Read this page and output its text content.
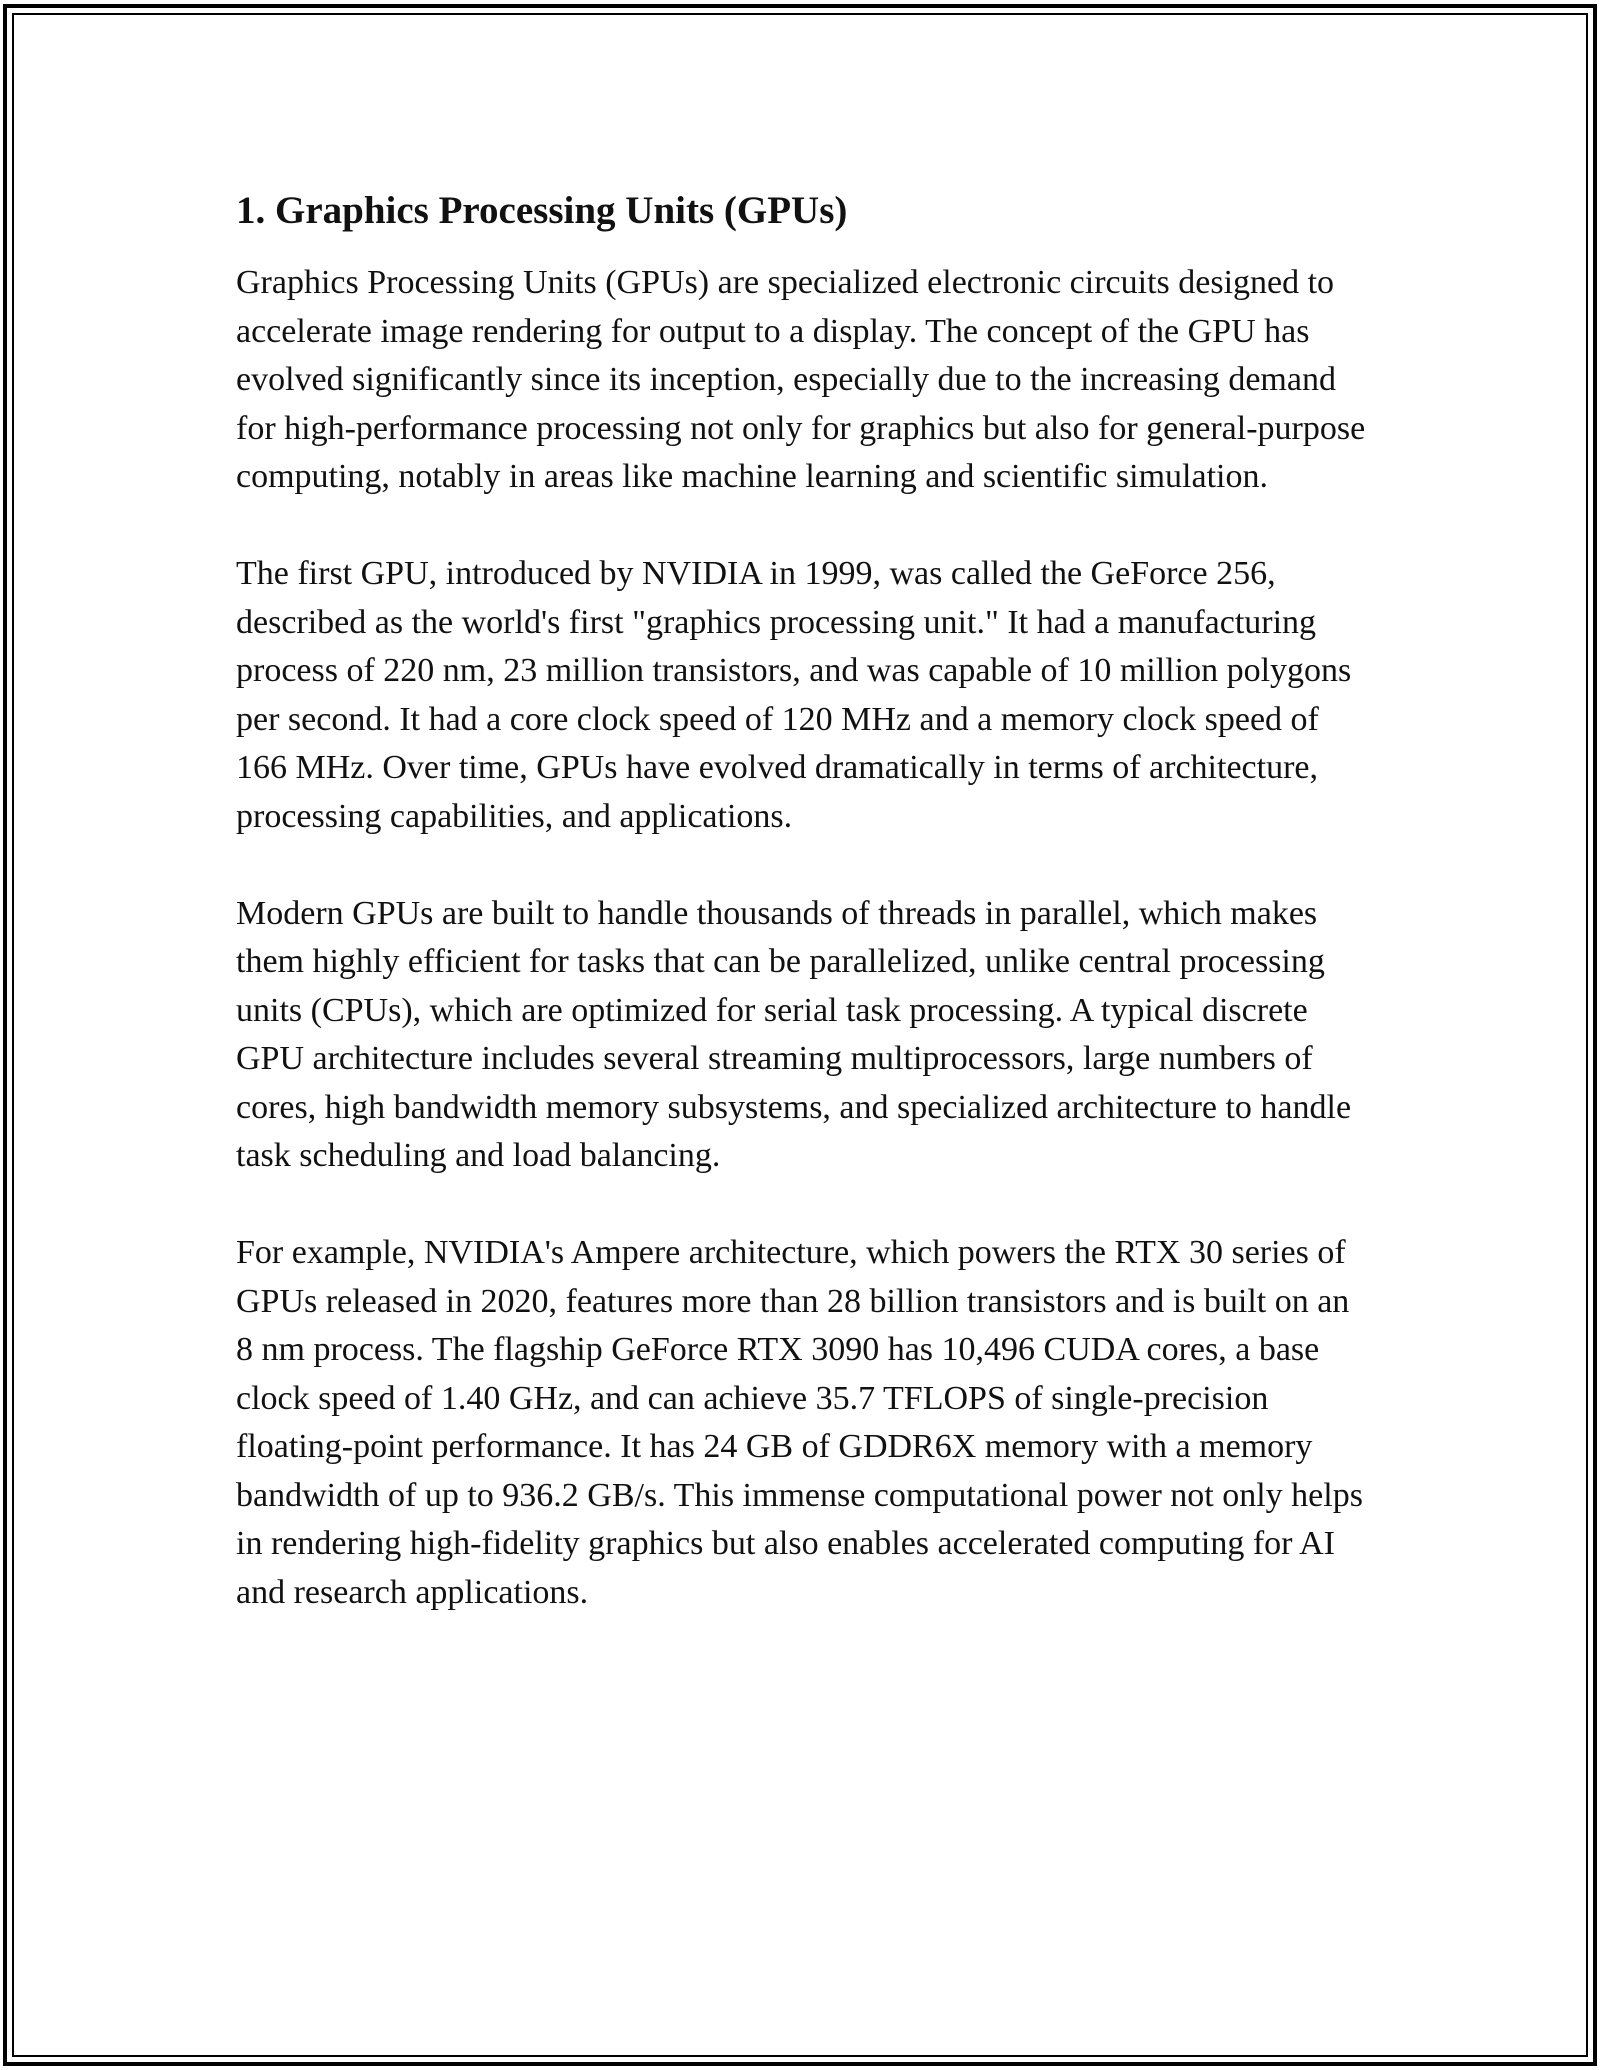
1. Graphics Processing Units (GPUs)

Graphics Processing Units (GPUs) are specialized electronic circuits designed to accelerate image rendering for output to a display. The concept of the GPU has evolved significantly since its inception, especially due to the increasing demand for high-performance processing not only for graphics but also for general-purpose computing, notably in areas like machine learning and scientific simulation.

The first GPU, introduced by NVIDIA in 1999, was called the GeForce 256, described as the world's first "graphics processing unit." It had a manufacturing process of 220 nm, 23 million transistors, and was capable of 10 million polygons per second. It had a core clock speed of 120 MHz and a memory clock speed of 166 MHz. Over time, GPUs have evolved dramatically in terms of architecture, processing capabilities, and applications.

Modern GPUs are built to handle thousands of threads in parallel, which makes them highly efficient for tasks that can be parallelized, unlike central processing units (CPUs), which are optimized for serial task processing. A typical discrete GPU architecture includes several streaming multiprocessors, large numbers of cores, high bandwidth memory subsystems, and specialized architecture to handle task scheduling and load balancing.

For example, NVIDIA's Ampere architecture, which powers the RTX 30 series of GPUs released in 2020, features more than 28 billion transistors and is built on an 8 nm process. The flagship GeForce RTX 3090 has 10,496 CUDA cores, a base clock speed of 1.40 GHz, and can achieve 35.7 TFLOPS of single-precision floating-point performance. It has 24 GB of GDDR6X memory with a memory bandwidth of up to 936.2 GB/s. This immense computational power not only helps in rendering high-fidelity graphics but also enables accelerated computing for AI and research applications.
